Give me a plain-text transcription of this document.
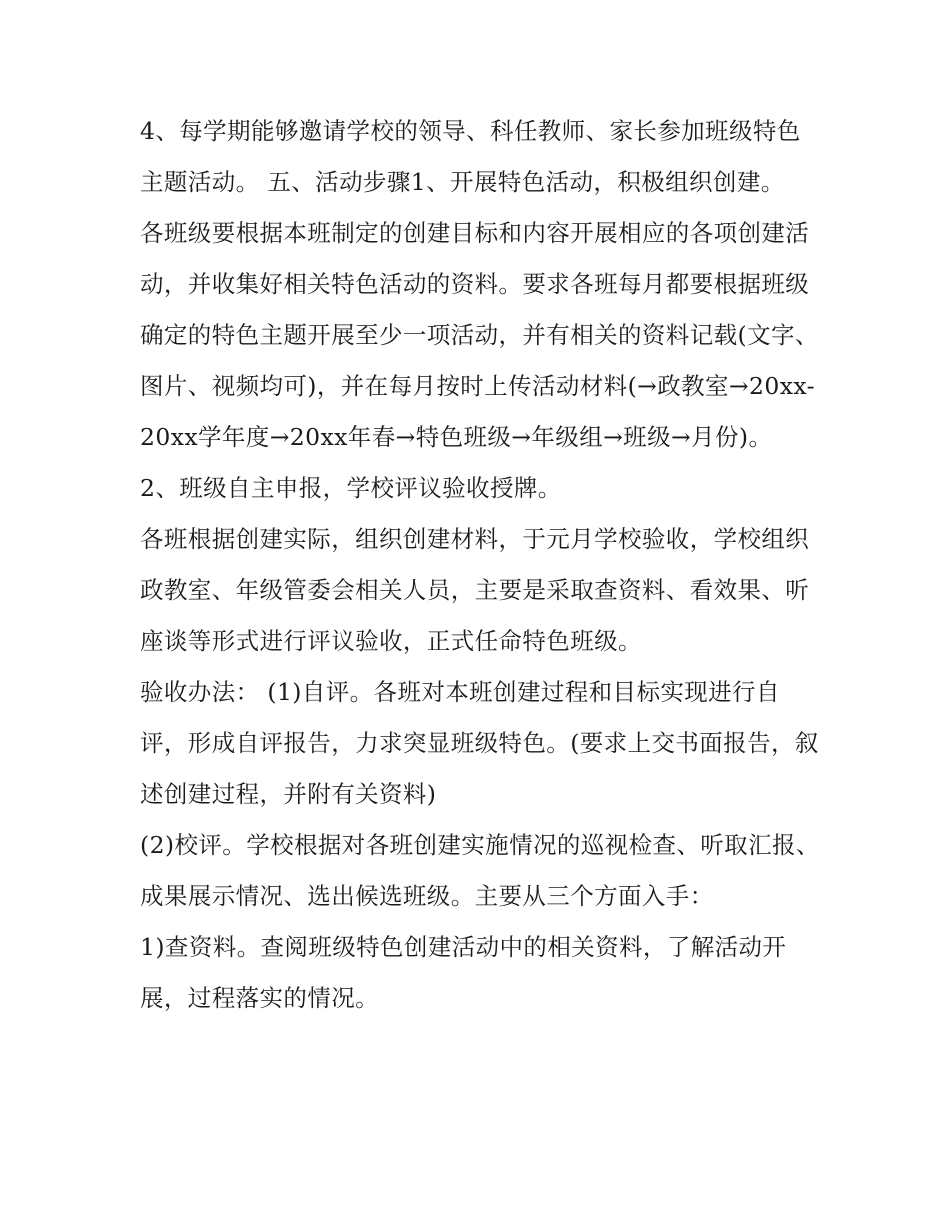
4、每学期能够邀请学校的领导、科任教师、家长参加班级特色主题活动。 五、活动步骤1、开展特色活动，积极组织创建。

各班级要根据本班制定的创建目标和内容开展相应的各项创建活动，并收集好相关特色活动的资料。要求各班每月都要根据班级确定的特色主题开展至少一项活动，并有相关的资料记载(文字、图片、视频均可)，并在每月按时上传活动材料(→政教室→20xx-20xx学年度→20xx年春→特色班级→年级组→班级→月份)。

2、班级自主申报，学校评议验收授牌。

各班根据创建实际，组织创建材料，于元月学校验收，学校组织政教室、年级管委会相关人员，主要是采取查资料、看效果、听座谈等形式进行评议验收，正式任命特色班级。

验收办法： (1)自评。各班对本班创建过程和目标实现进行自评，形成自评报告，力求突显班级特色。(要求上交书面报告，叙述创建过程，并附有关资料)

(2)校评。学校根据对各班创建实施情况的巡视检查、听取汇报、成果展示情况、选出候选班级。主要从三个方面入手：

1)查资料。查阅班级特色创建活动中的相关资料，了解活动开展，过程落实的情况。
